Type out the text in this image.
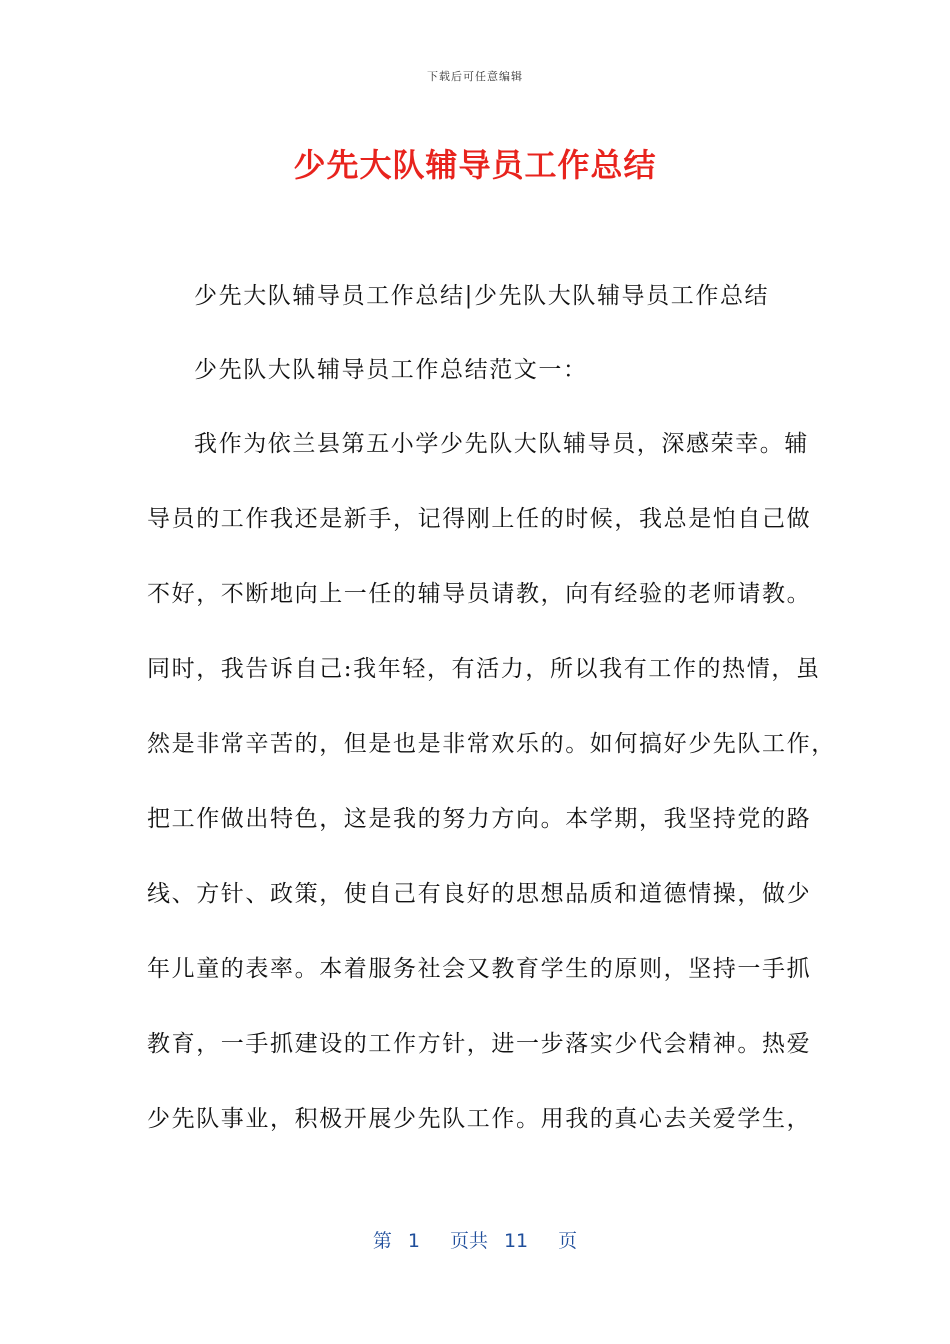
下载后可任意编辑
少先大队辅导员工作总结
少先大队辅导员工作总结|少先队大队辅导员工作总结
少先队大队辅导员工作总结范文一：
我作为依兰县第五小学少先队大队辅导员，深感荣幸。辅
导员的工作我还是新手，记得刚上任的时候，我总是怕自己做
不好，不断地向上一任的辅导员请教，向有经验的老师请教。
同时，我告诉自己:我年轻，有活力，所以我有工作的热情，虽
然是非常辛苦的，但是也是非常欢乐的。如何搞好少先队工作，
把工作做出特色，这是我的努力方向。本学期，我坚持党的路
线、方针、政策，使自己有良好的思想品质和道德情操，做少
年儿童的表率。本着服务社会又教育学生的原则，坚持一手抓
教育，一手抓建设的工作方针，进一步落实少代会精神。热爱
少先队事业，积极开展少先队工作。用我的真心去关爱学生，
第 1 页共 11 页
